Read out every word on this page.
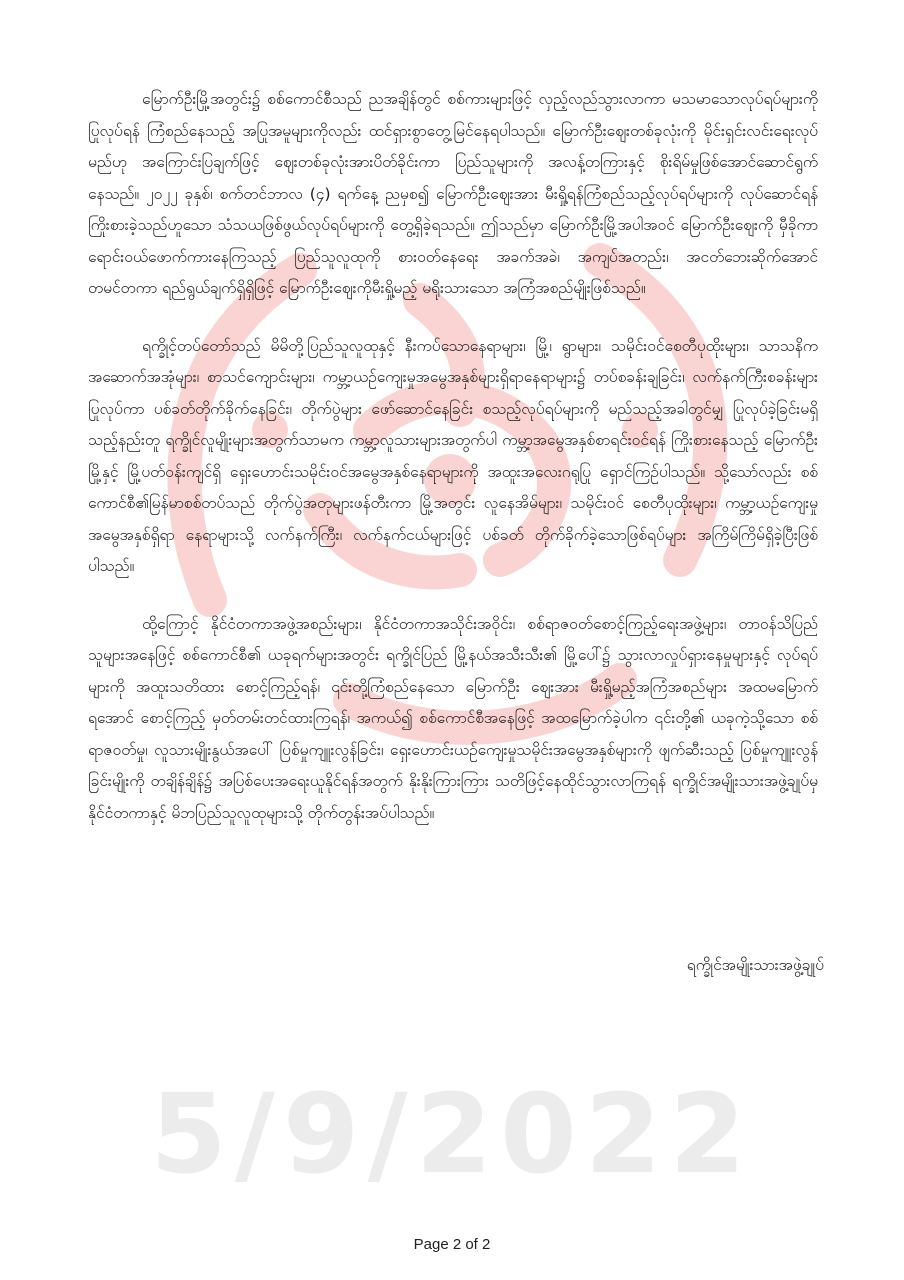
မြောက်ဦးမြို့အတွင်း၌ စစ်ကောင်စီသည် ညအချိန်တွင် စစ်ကားများဖြင့် လှည့်လည်သွားလာကာ မသမာသောလုပ်ရပ်များကိုပြုလုပ်ရန် ကြံစည်နေသည့် အပြုအမူများကိုလည်း ထင်ရှားစွာတွေ့မြင်နေရပါသည်။ မြောက်ဦးဈေးတစ်ခုလုံးကို မိုင်းရှင်းလင်းရေးလုပ်မည်ဟု အကြောင်းပြချက်ဖြင့် ဈေးတစ်ခုလုံးအားပိတ်ခိုင်းကာ ပြည်သူများကို အလန့်တကြားနှင့် စိုးရိမ်မှုဖြစ်အောင်ဆောင်ရွက်နေသည်။ ၂၀၂၂ ခုနှစ်၊ စက်တင်ဘာလ (၄) ရက်နေ့ ညမှစ၍ မြောက်ဦးဈေးအား မီးရှို့ရန်ကြံစည်သည့်လုပ်ရပ်များကို လုပ်ဆောင်ရန် ကြိုးစားခဲ့သည်ဟူသော သံသယဖြစ်ဖွယ်လုပ်ရပ်များကို တွေ့ရှိခဲ့ရသည်။ ဤသည်မှာ မြောက်ဦးမြို့အပါအဝင် မြောက်ဦးဈေးကို မှီခိုကာ ရောင်းဝယ်ဖောက်ကားနေကြသည့် ပြည်သူလူထုကို စားဝတ်နေရေး အခက်အခဲ၊ အကျပ်အတည်း၊ အငတ်ဘေးဆိုက်အောင် တမင်တကာ ရည်ရွယ်ချက်ရှိရှိဖြင့် မြောက်ဦးဈေးကိုမီးရှို့မည့် မရိုးသားသော အကြံအစည်မျိုးဖြစ်သည်။

ရက္ခိုင့်တပ်တော်သည် မိမိတို့ပြည်သူလူထုနှင့် နီးကပ်သောနေရာများ၊ မြို့၊ ရွာများ၊ သမိုင်းဝင်စေတီပုထိုးများ၊ သာသနိကအဆောက်အအုံများ၊ စာသင်ကျောင်းများ၊ ကမ္ဘာ့ယဉ်ကျေးမှုအမွေအနှစ်များရှိရာနေရာများ၌ တပ်စခန်းချခြင်း၊ လက်နက်ကြီးစခန်းများပြုလုပ်ကာ ပစ်ခတ်တိုက်ခိုက်နေခြင်း၊ တိုက်ပွဲများ ဖော်ဆောင်နေခြင်း စသည့်လုပ်ရပ်များကို မည်သည့်အခါတွင်မျှ ပြုလုပ်ခဲ့ခြင်းမရှိသည့်နည်းတူ ရက္ခိုင်လူမျိုးများအတွက်သာမက ကမ္ဘာ့လူသားများအတွက်ပါ ကမ္ဘာ့အမွေအနှစ်စာရင်းဝင်ရန် ကြိုးစားနေသည့် မြောက်ဦးမြို့နှင့် မြို့ပတ်ဝန်းကျင်ရှိ ရှေးဟောင်းသမိုင်းဝင်အမွေအနှစ်နေရာများကို အထူးအလေးဂရုပြု ရှောင်ကြဉ်ပါသည်။ သို့သော်လည်း စစ်ကောင်စီ၏မြန်မာစစ်တပ်သည် တိုက်ပွဲအတုများဖန်တီးကာ မြို့အတွင်း လူနေအိမ်များ၊ သမိုင်းဝင် စေတီပုထိုးများ၊ ကမ္ဘာ့ယဉ်ကျေးမှုအမွေအနှစ်ရှိရာ နေရာများသို့ လက်နက်ကြီး၊ လက်နက်ငယ်များဖြင့် ပစ်ခတ် တိုက်ခိုက်ခဲ့သောဖြစ်ရပ်များ အကြိမ်ကြိမ်ရှိခဲ့ပြီးဖြစ်ပါသည်။

ထို့ကြောင့် နိုင်ငံတကာအဖွဲ့အစည်းများ၊ နိုင်ငံတကာအသိုင်းအဝိုင်း၊ စစ်ရာဇဝတ်စောင့်ကြည့်ရေးအဖွဲ့များ၊ တာဝန်သိပြည်သူများအနေဖြင့် စစ်ကောင်စီ၏ ယခုရက်များအတွင်း ရက္ခိုင်ပြည် မြို့နယ်အသီးသီး၏ မြို့ပေါ်၌ သွားလာလှုပ်ရှားနေမှုများနှင့် လုပ်ရပ်များကို အထူးသတိထား စောင့်ကြည့်ရန်၊ ၎င်းတို့ကြံစည်နေသော မြောက်ဦး ဈေးအား မီးရှို့မည့်အကြံအစည်များ အထမမြောက်ရအောင် စောင့်ကြည့် မှတ်တမ်းတင်ထားကြရန်၊ အကယ်၍ စစ်ကောင်စီအနေဖြင့် အထမြောက်ခဲ့ပါက ၎င်းတို့၏ ယခုကဲ့သို့သော စစ်ရာဇဝတ်မှု၊ လူသားမျိုးနွယ်အပေါ် ပြစ်မှုကျူးလွန်ခြင်း၊ ရှေးဟောင်းယဉ်ကျေးမှုသမိုင်းအမွေအနှစ်များကို ဖျက်ဆီးသည့် ပြစ်မှုကျူးလွန်ခြင်းမျိုးကို တချိန်ချိန်၌ အပြစ်ပေးအရေးယူနိုင်ရန်အတွက် နိုးနိုးကြားကြား သတိဖြင့်နေထိုင်သွားလာကြရန် ရက္ခိုင်အမျိုးသားအဖွဲ့ချုပ်မှ နိုင်ငံတကာနှင့် မိဘပြည်သူလူထုများသို့ တိုက်တွန်းအပ်ပါသည်။

ရက္ခိုင်အမျိုးသားအဖွဲ့ချုပ်
5/9/2022
Page 2 of 2
